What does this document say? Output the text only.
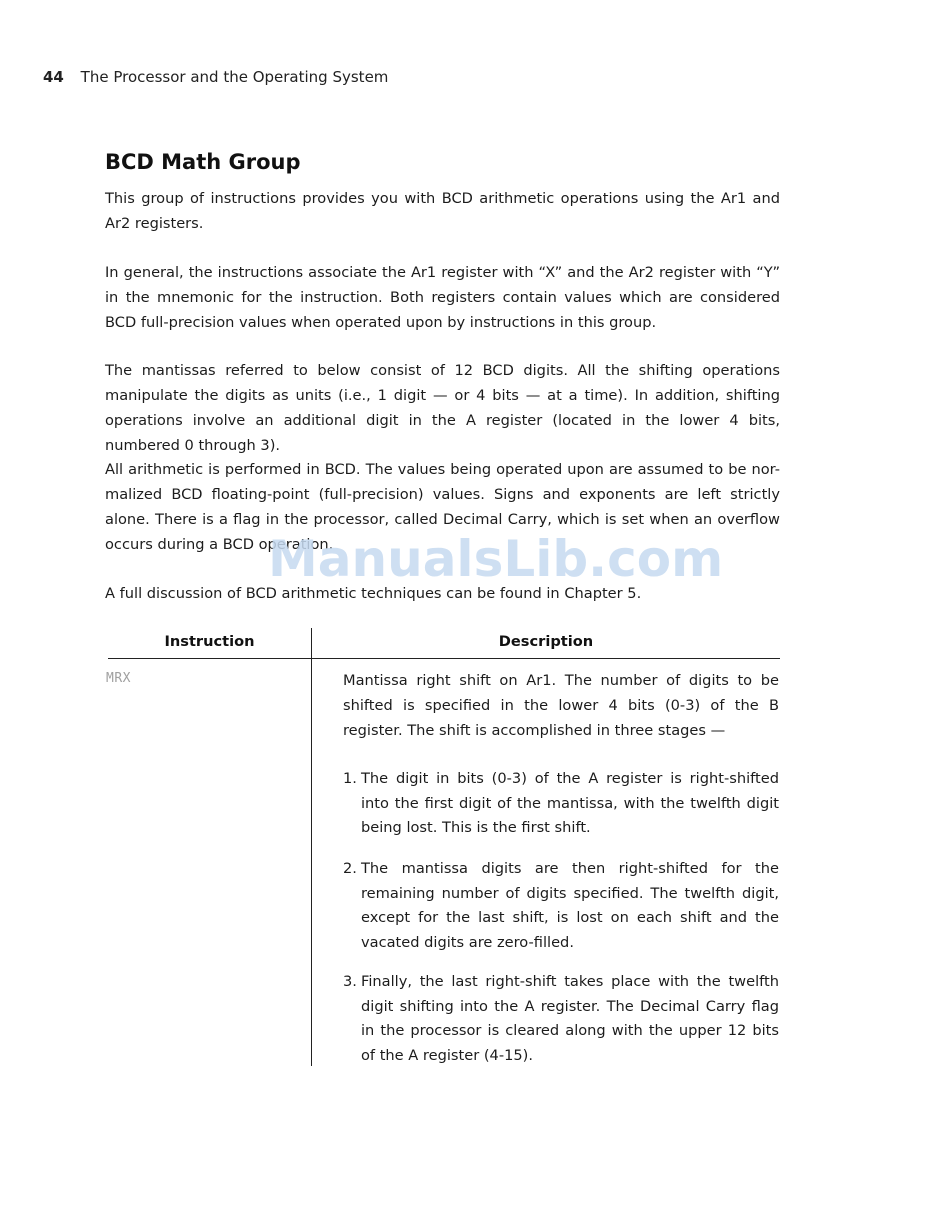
44 The Processor and the Operating System
BCD Math Group

This group of instructions provides you with BCD arithmetic operations using the Ar1 and Ar2 registers.

In general, the instructions associate the Ar1 register with “X” and the Ar2 register with “Y” in the mnemonic for the instruction. Both registers contain values which are considered BCD full-precision values when operated upon by instructions in this group.

The mantissas referred to below consist of 12 BCD digits. All the shifting operations manipulate the digits as units (i.e., 1 digit — or 4 bits — at a time). In addition, shifting operations involve an additional digit in the A register (located in the lower 4 bits, numbered 0 through 3).

All arithmetic is performed in BCD. The values being operated upon are assumed to be nor-malized BCD floating-point (full-precision) values. Signs and exponents are left strictly alone. There is a flag in the processor, called Decimal Carry, which is set when an overflow occurs during a BCD operation.

A full discussion of BCD arithmetic techniques can be found in Chapter 5.

ManualsLib.com
Instruction	Description
MRX	Mantissa right shift on Ar1. The number of digits to be shifted is specified in the lower 4 bits (0-3) of the B register. The shift is accomplished in three stages —

1. The digit in bits (0-3) of the A register is right-shifted into the first digit of the mantissa, with the twelfth digit being lost. This is the first shift.
2. The mantissa digits are then right-shifted for the remaining number of digits specified. The twelfth digit, except for the last shift, is lost on each shift and the vacated digits are zero-filled.
3. Finally, the last right-shift takes place with the twelfth digit shifting into the A register. The Decimal Carry flag in the processor is cleared along with the upper 12 bits of the A register (4-15).
